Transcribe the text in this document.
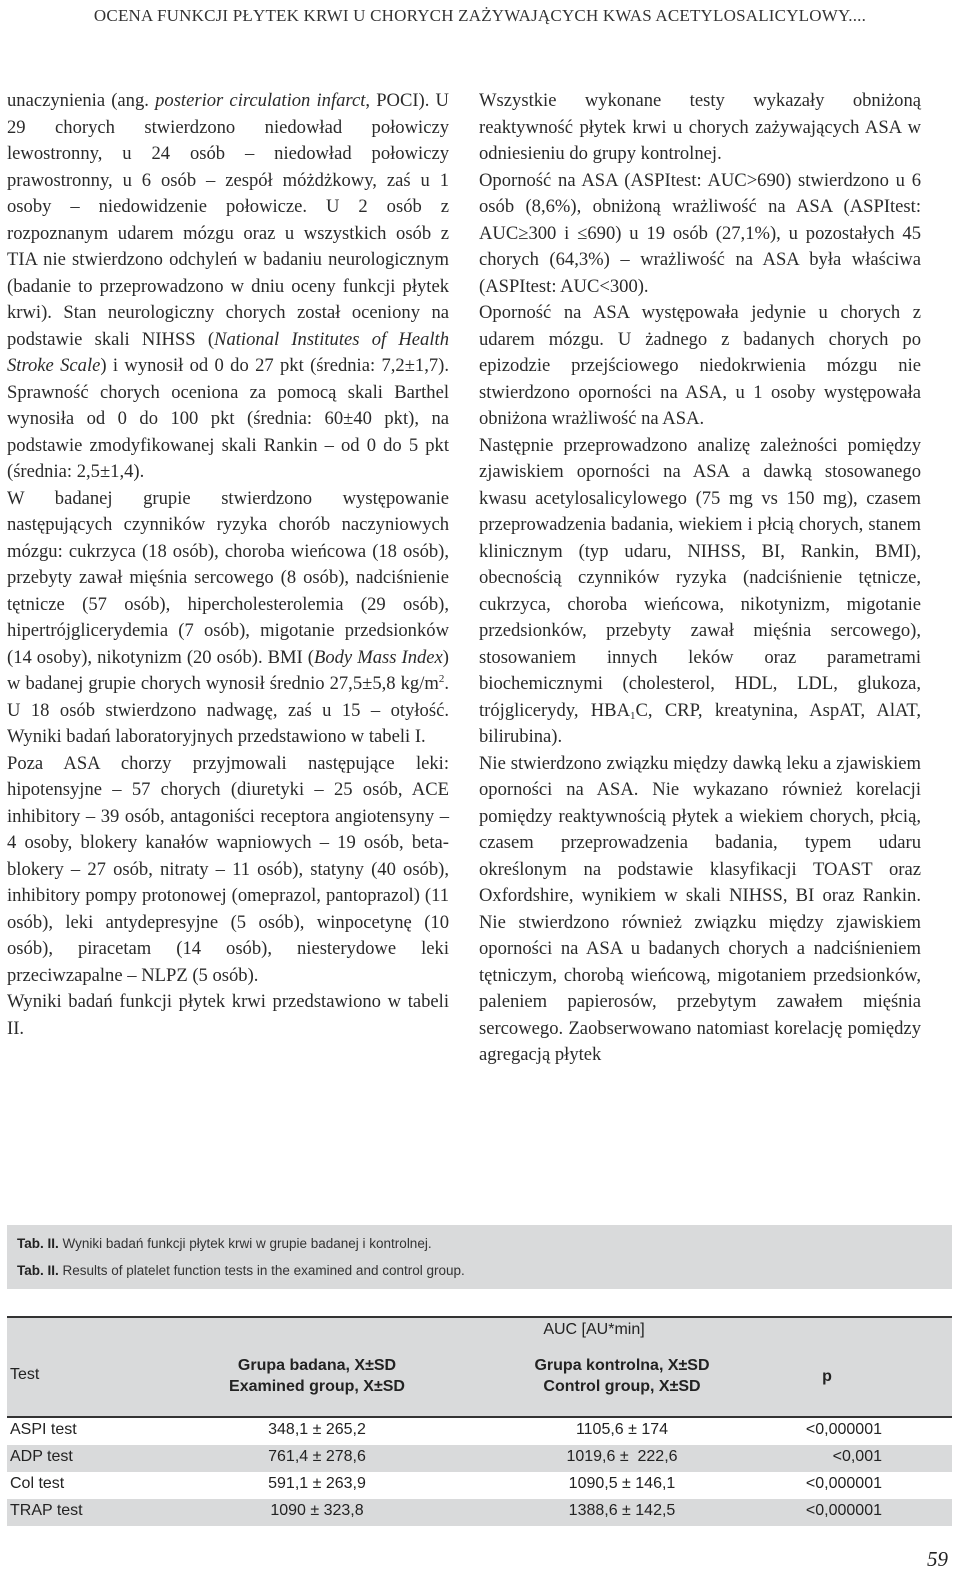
OCENA FUNKCJI PŁYTEK KRWI U CHORYCH ZAŻYWAJĄCYCH KWAS ACETYLOSALICYLOWY....

unaczynienia (ang. posterior circulation infarct, POCI). U 29 chorych stwierdzono niedowład połowiczy lewostronny, u 24 osób – niedowład połowiczy prawostronny, u 6 osób – zespół móżdżkowy, zaś u 1 osoby – niedowidzenie połowicze. U 2 osób z rozpoznanym udarem mózgu oraz u wszystkich osób z TIA nie stwierdzono odchyleń w badaniu neurologicznym (badanie to przeprowadzono w dniu oceny funkcji płytek krwi). Stan neurologiczny chorych został oceniony na podstawie skali NIHSS (National Institutes of Health Stroke Scale) i wynosił od 0 do 27 pkt (średnia: 7,2±1,7). Sprawność chorych oceniona za pomocą skali Barthel wynosiła od 0 do 100 pkt (średnia: 60±40 pkt), na podstawie zmodyfikowanej skali Rankin – od 0 do 5 pkt (średnia: 2,5±1,4).

W badanej grupie stwierdzono występowanie następujących czynników ryzyka chorób naczyniowych mózgu: cukrzyca (18 osób), choroba wieńcowa (18 osób), przebyty zawał mięśnia sercowego (8 osób), nadciśnienie tętnicze (57 osób), hipercholesterolemia (29 osób), hipertrójglicerydemia (7 osób), migotanie przedsionków (14 osoby), nikotynizm (20 osób). BMI (Body Mass Index) w badanej grupie chorych wynosił średnio 27,5±5,8 $kg/m^2$. U 18 osób stwierdzono nadwagę, zaś u 15 – otyłość. Wyniki badań laboratoryjnych przedstawiono w tabeli I.

Poza ASA chorzy przyjmowali następujące leki: hipotensyjne – 57 chorych (diuretyki – 25 osób, ACE inhibitory – 39 osób, antagoniści receptora angiotensyny – 4 osoby, blokery kanałów wapniowych – 19 osób, beta-blokery – 27 osób, nitraty – 11 osób), statyny (40 osób), inhibitory pompy protonowej (omeprazol, pantoprazol) (11 osób), leki antydepresyjne (5 osób), winpocetynę (10 osób), piracetam (14 osób), niesterydowe leki przeciwzapalne – NLPZ (5 osób).

Wyniki badań funkcji płytek krwi przedstawiono w tabeli II.

Wszystkie wykonane testy wykazały obniżoną reaktywność płytek krwi u chorych zażywających ASA w odniesieniu do grupy kontrolnej.

Oporność na ASA (ASPItest: AUC>690) stwierdzono u 6 osób (8,6%), obniżoną wrażliwość na ASA (ASPItest: AUC≥300 i ≤690) u 19 osób (27,1%), u pozostałych 45 chorych (64,3%) – wrażliwość na ASA była właściwa (ASPItest: AUC<300).

Oporność na ASA występowała jedynie u chorych z udarem mózgu. U żadnego z badanych chorych po epizodzie przejściowego niedokrwienia mózgu nie stwierdzono oporności na ASA, u 1 osoby występowała obniżona wrażliwość na ASA.

Następnie przeprowadzono analizę zależności pomiędzy zjawiskiem oporności na ASA a dawką stosowanego kwasu acetylosalicylowego (75 mg vs 150 mg), czasem przeprowadzenia badania, wiekiem i płcią chorych, stanem klinicznym (typ udaru, NIHSS, BI, Rankin, BMI), obecnością czynników ryzyka (nadciśnienie tętnicze, cukrzyca, choroba wieńcowa, nikotynizm, migotanie przedsionków, przebyty zawał mięśnia sercowego), stosowaniem innych leków oraz parametrami biochemicznymi (cholesterol, HDL, LDL, glukoza, trójglicerydy, $HBA_1C$, CRP, kreatynina, AspAT, AlAT, bilirubina).

Nie stwierdzono związku między dawką leku a zjawiskiem oporności na ASA. Nie wykazano również korelacji pomiędzy reaktywnością płytek a wiekiem chorych, płcią, czasem przeprowadzenia badania, typem udaru określonym na podstawie klasyfikacji TOAST oraz Oxfordshire, wynikiem w skali NIHSS, BI oraz Rankin. Nie stwierdzono również związku między zjawiskiem oporności na ASA u badanych chorych a nadciśnieniem tętniczym, chorobą wieńcową, migotaniem przedsionków, paleniem papierosów, przebytym zawałem mięśnia sercowego. Zaobserwowano natomiast korelację pomiędzy agregacją płytek

Tab. II. Wyniki badań funkcji płytek krwi w grupie badanej i kontrolnej.
Tab. II. Results of platelet function tests in the examined and control group.
AUC [AU*min]
Test
Grupa badana, X±SD
Examined group, X±SD
Grupa kontrolna, X±SD
Control group, X±SD
p
ASPI test	348,1 ± 265,2	1105,6 ± 174	<0,000001
ADP test	761,4 ± 278,6	1019,6 ±  222,6	<0,001
Col test	591,1 ± 263,9	1090,5 ± 146,1	<0,000001
TRAP test	1090 ± 323,8	1388,6 ± 142,5	<0,000001
59
